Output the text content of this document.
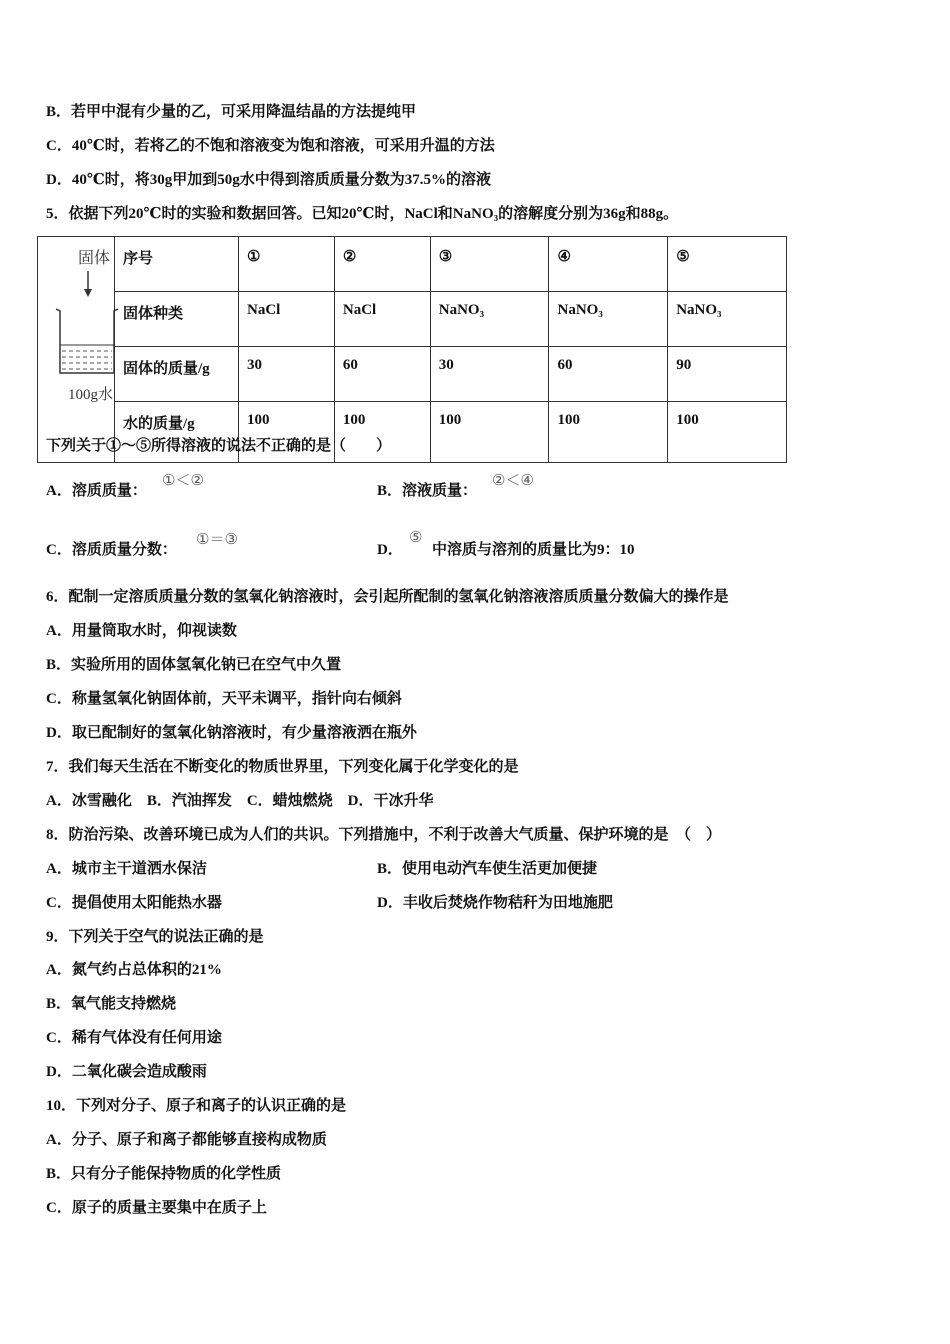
B．若甲中混有少量的乙，可采用降温结晶的方法提纯甲
C．40℃时，若将乙的不饱和溶液变为饱和溶液，可采用升温的方法
D．40℃时，将30g甲加到50g水中得到溶质质量分数为37.5%的溶液
5．依据下列20℃时的实验和数据回答。已知20℃时，NaCl和NaNO₃的溶解度分别为36g和88g。
固体
100g水	序号	①	②	③	④	⑤
	固体种类	NaCl	NaCl	NaNO₃	NaNO₃	NaNO₃
	固体的质量/g	30	60	30	60	90
	水的质量/g	100	100	100	100	100
下列关于①～⑤所得溶液的说法不正确的是（　　）
A．溶质质量：
①＜②
B．溶液质量：
②＜④
C．溶质质量分数：
①＝③
D．
⑤
中溶质与溶剂的质量比为9：10
6．配制一定溶质质量分数的氢氧化钠溶液时，会引起所配制的氢氧化钠溶液溶质质量分数偏大的操作是
A．用量筒取水时，仰视读数
B．实验所用的固体氢氧化钠已在空气中久置
C．称量氢氧化钠固体前，天平未调平，指针向右倾斜
D．取已配制好的氢氧化钠溶液时，有少量溶液洒在瓶外
7．我们每天生活在不断变化的物质世界里，下列变化属于化学变化的是
A．冰雪融化　B．汽油挥发　C．蜡烛燃烧　D．干冰升华
8．防治污染、改善环境已成为人们的共识。下列措施中，不利于改善大气质量、保护环境的是　（　）
A．城市主干道洒水保洁	B．使用电动汽车使生活更加便捷
C．提倡使用太阳能热水器	D．丰收后焚烧作物秸秆为田地施肥
9．下列关于空气的说法正确的是
A．氮气约占总体积的21%
B．氧气能支持燃烧
C．稀有气体没有任何用途
D．二氧化碳会造成酸雨
10．下列对分子、原子和离子的认识正确的是
A．分子、原子和离子都能够直接构成物质
B．只有分子能保持物质的化学性质
C．原子的质量主要集中在质子上
